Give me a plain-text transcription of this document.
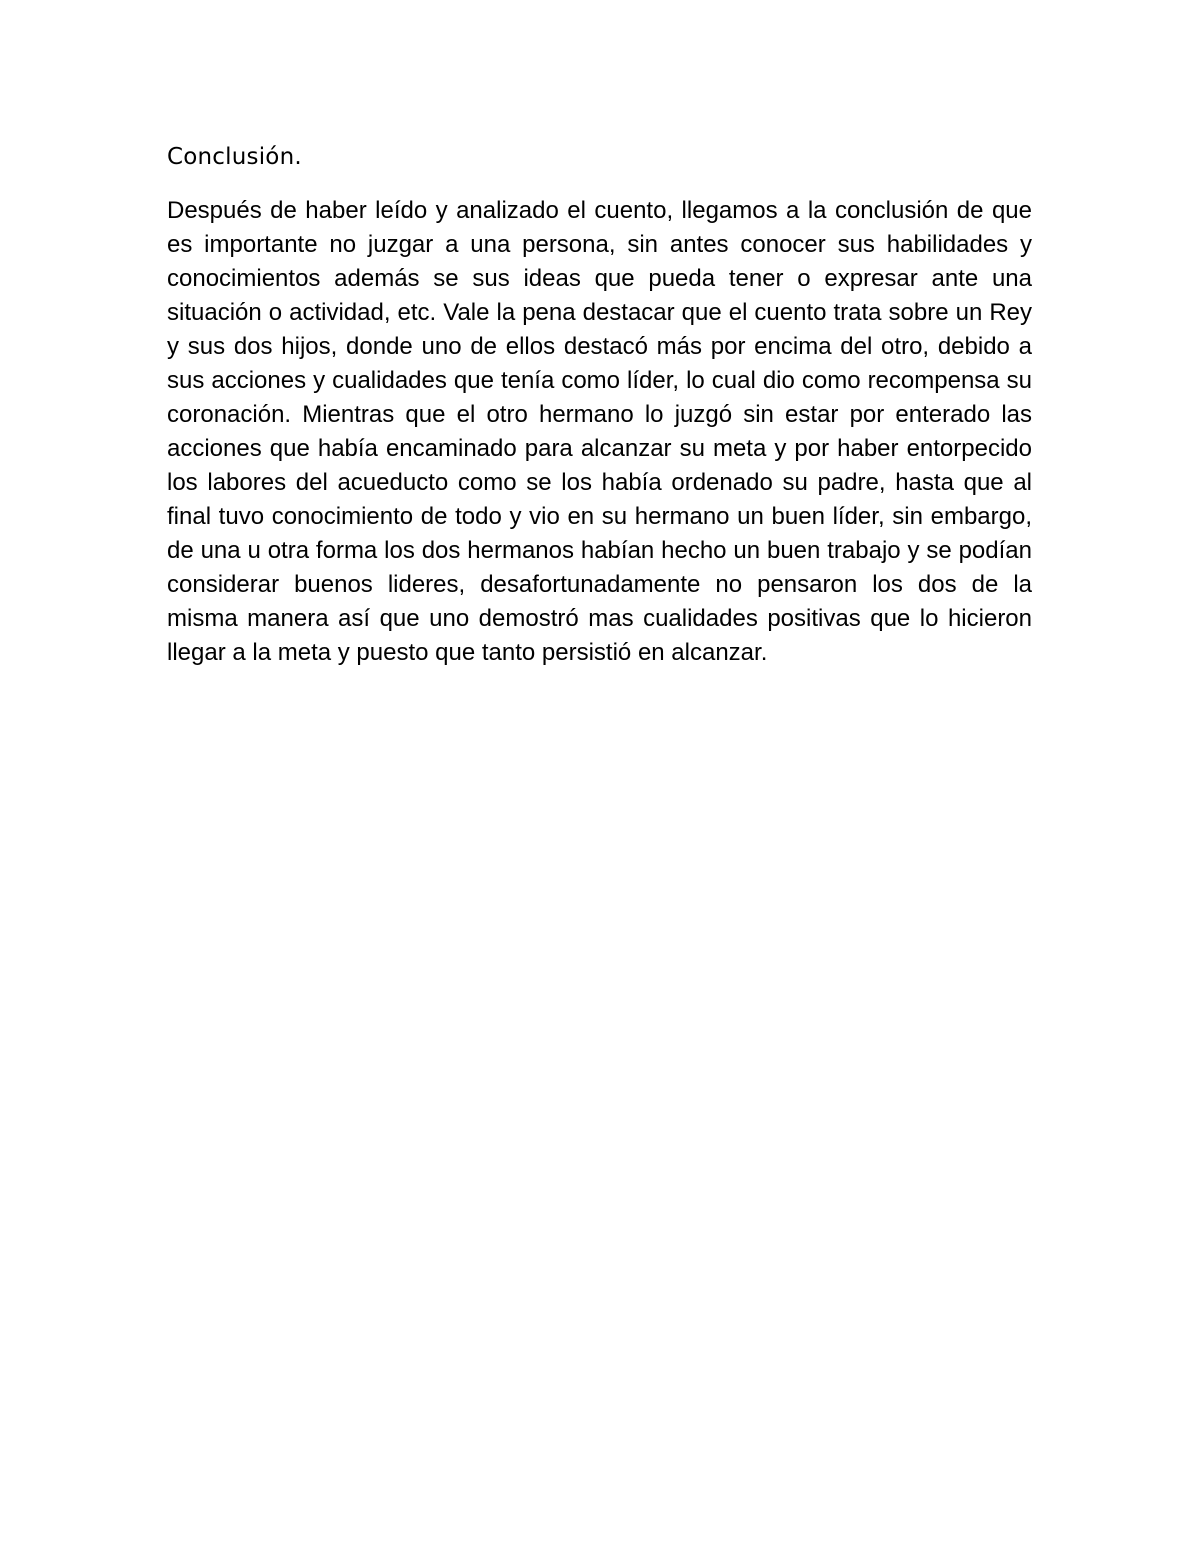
Conclusión.

Después de haber leído y analizado el cuento, llegamos a la conclusión de que es importante no juzgar a una persona, sin antes conocer sus habilidades y conocimientos además se sus ideas que pueda tener o expresar ante una situación o actividad, etc. Vale la pena destacar que el cuento trata sobre un Rey y sus dos hijos, donde uno de ellos destacó más por encima del otro, debido a sus acciones y cualidades que tenía como líder, lo cual dio como recompensa su coronación. Mientras que el otro hermano lo juzgó sin estar por enterado las acciones que había encaminado para alcanzar su meta y por haber entorpecido los labores del acueducto como se los había ordenado su padre, hasta que al final tuvo conocimiento de todo y vio en su hermano un buen líder, sin embargo, de una u otra forma los dos hermanos habían hecho un buen trabajo y se podían considerar buenos lideres, desafortunadamente no pensaron los dos de la misma manera así que uno demostró mas cualidades positivas que lo hicieron llegar a la meta y puesto que tanto persistió en alcanzar.
